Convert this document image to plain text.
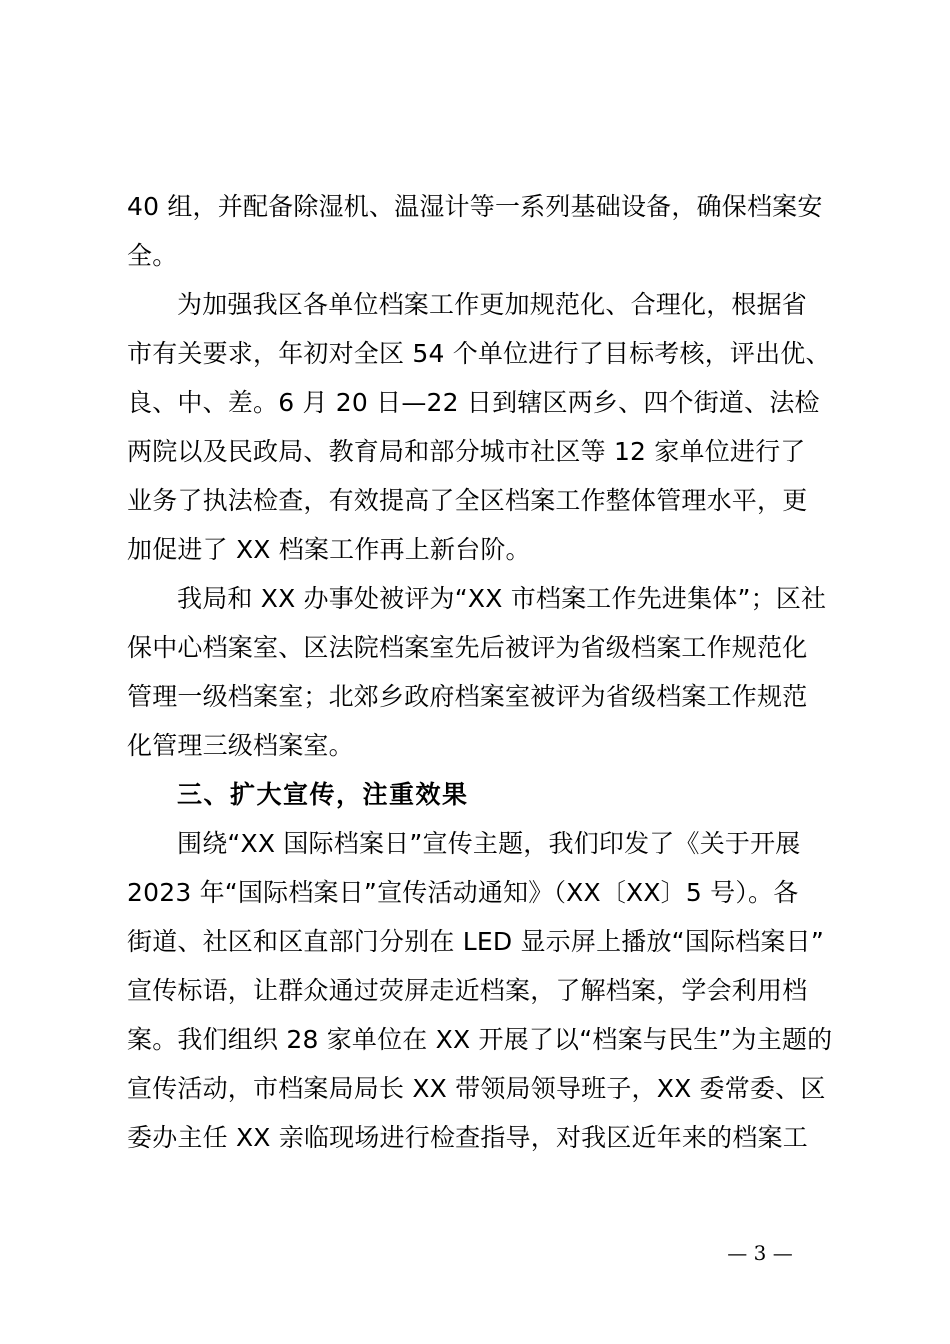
40 组，并配备除湿机、温湿计等一系列基础设备，确保档案安
全。
为加强我区各单位档案工作更加规范化、合理化，根据省
市有关要求，年初对全区 54 个单位进行了目标考核，评出优、
良、中、差。6 月 20 日—22 日到辖区两乡、四个街道、法检
两院以及民政局、教育局和部分城市社区等 12 家单位进行了
业务了执法检查，有效提高了全区档案工作整体管理水平，更
加促进了 XX 档案工作再上新台阶。
我局和 XX 办事处被评为“XX 市档案工作先进集体”；区社
保中心档案室、区法院档案室先后被评为省级档案工作规范化
管理一级档案室；北郊乡政府档案室被评为省级档案工作规范
化管理三级档案室。
三、扩大宣传，注重效果
围绕“XX 国际档案日”宣传主题，我们印发了《关于开展
2023 年“国际档案日”宣传活动通知》（XX〔XX〕5 号）。各
街道、社区和区直部门分别在 LED 显示屏上播放“国际档案日”
宣传标语，让群众通过荧屏走近档案，了解档案，学会利用档
案。我们组织 28 家单位在 XX 开展了以“档案与民生”为主题的
宣传活动，市档案局局长 XX 带领局领导班子，XX 委常委、区
委办主任 XX 亲临现场进行检查指导，对我区近年来的档案工
— 3 —
